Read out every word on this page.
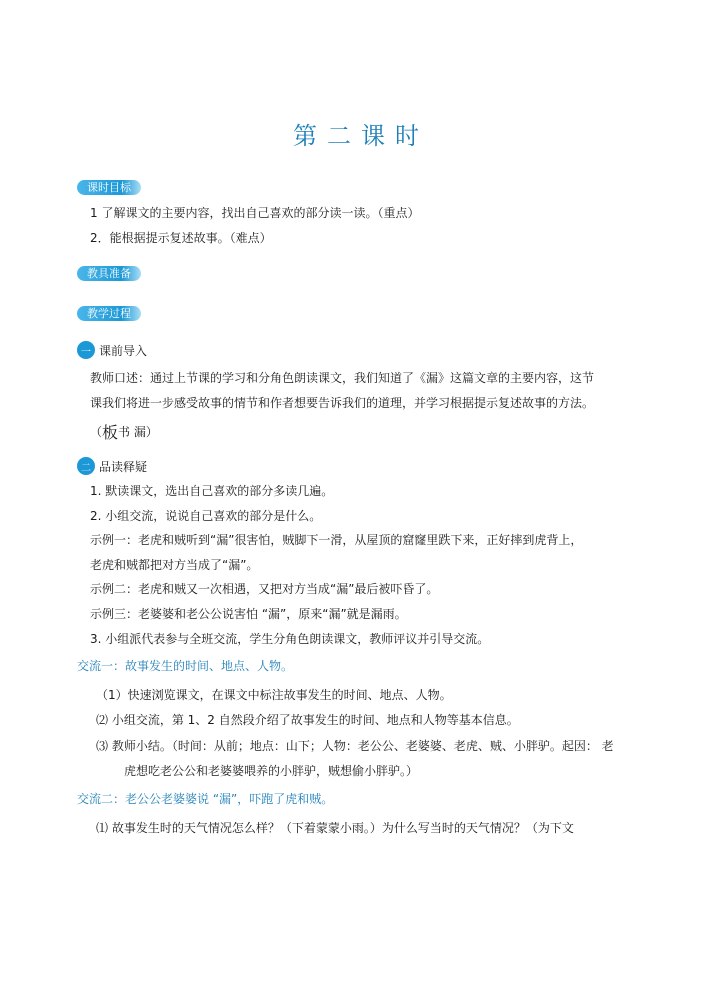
第二课时
课时目标
1 了解课文的主要内容，找出自己喜欢的部分读一读。（重点）
2．能根据提示复述故事。（难点）
教具准备
教学过程
一 课前导入
教师口述：通过上节课的学习和分角色朗读课文，我们知道了《漏》这篇文章的主要内容，这节
课我们将进一步感受故事的情节和作者想要告诉我们的道理，并学习根据提示复述故事的方法。
（板书 漏）
二 品读释疑
1. 默读课文，选出自己喜欢的部分多读几遍。
2. 小组交流，说说自己喜欢的部分是什么。
示例一：老虎和贼听到“漏”很害怕，贼脚下一滑，从屋顶的窟窿里跌下来，正好摔到虎背上，
老虎和贼都把对方当成了“漏”。
示例二：老虎和贼又一次相遇，又把对方当成“漏”最后被吓昏了。
示例三：老婆婆和老公公说害怕 “漏”，原来“漏”就是漏雨。
3. 小组派代表参与全班交流，学生分角色朗读课文，教师评议并引导交流。
交流一：故事发生的时间、地点、人物。
（1）快速浏览课文，在课文中标注故事发生的时间、地点、人物。
⑵ 小组交流，第 1、2 自然段介绍了故事发生的时间、地点和人物等基本信息。
⑶ 教师小结。（时间：从前；地点：山下；人物：老公公、老婆婆、老虎、贼、小胖驴。起因： 老
虎想吃老公公和老婆婆喂养的小胖驴，贼想偷小胖驴。）
交流二：老公公老婆婆说 “漏”，吓跑了虎和贼。
⑴ 故事发生时的天气情况怎么样？（下着蒙蒙小雨。）为什么写当时的天气情况？（为下文
